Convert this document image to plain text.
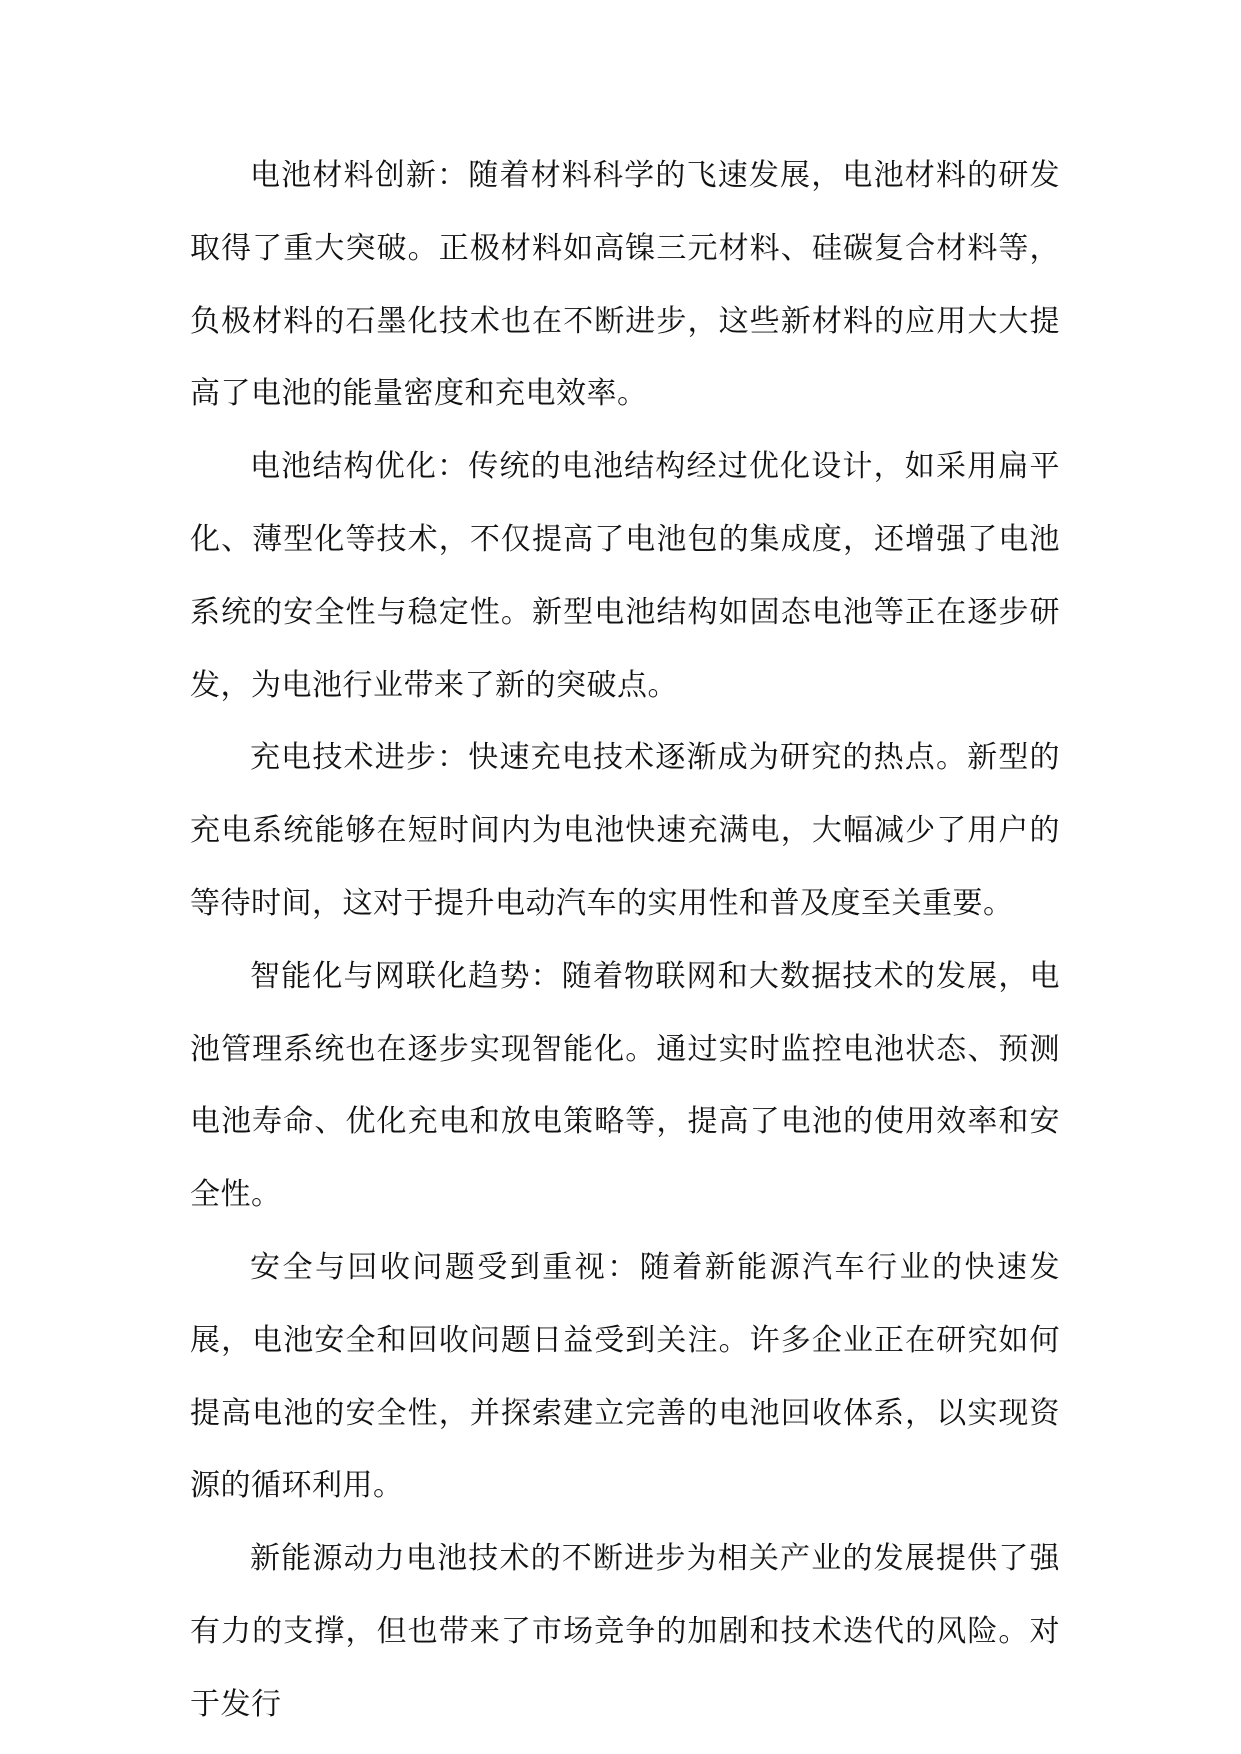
电池材料创新：随着材料科学的飞速发展，电池材料的研发取得了重大突破。正极材料如高镍三元材料、硅碳复合材料等，负极材料的石墨化技术也在不断进步，这些新材料的应用大大提高了电池的能量密度和充电效率。

电池结构优化：传统的电池结构经过优化设计，如采用扁平化、薄型化等技术，不仅提高了电池包的集成度，还增强了电池系统的安全性与稳定性。新型电池结构如固态电池等正在逐步研发，为电池行业带来了新的突破点。

充电技术进步：快速充电技术逐渐成为研究的热点。新型的充电系统能够在短时间内为电池快速充满电，大幅减少了用户的等待时间，这对于提升电动汽车的实用性和普及度至关重要。

智能化与网联化趋势：随着物联网和大数据技术的发展，电池管理系统也在逐步实现智能化。通过实时监控电池状态、预测电池寿命、优化充电和放电策略等，提高了电池的使用效率和安全性。

安全与回收问题受到重视：随着新能源汽车行业的快速发展，电池安全和回收问题日益受到关注。许多企业正在研究如何提高电池的安全性，并探索建立完善的电池回收体系，以实现资源的循环利用。

新能源动力电池技术的不断进步为相关产业的发展提供了强有力的支撑，但也带来了市场竞争的加剧和技术迭代的风险。对于发行
